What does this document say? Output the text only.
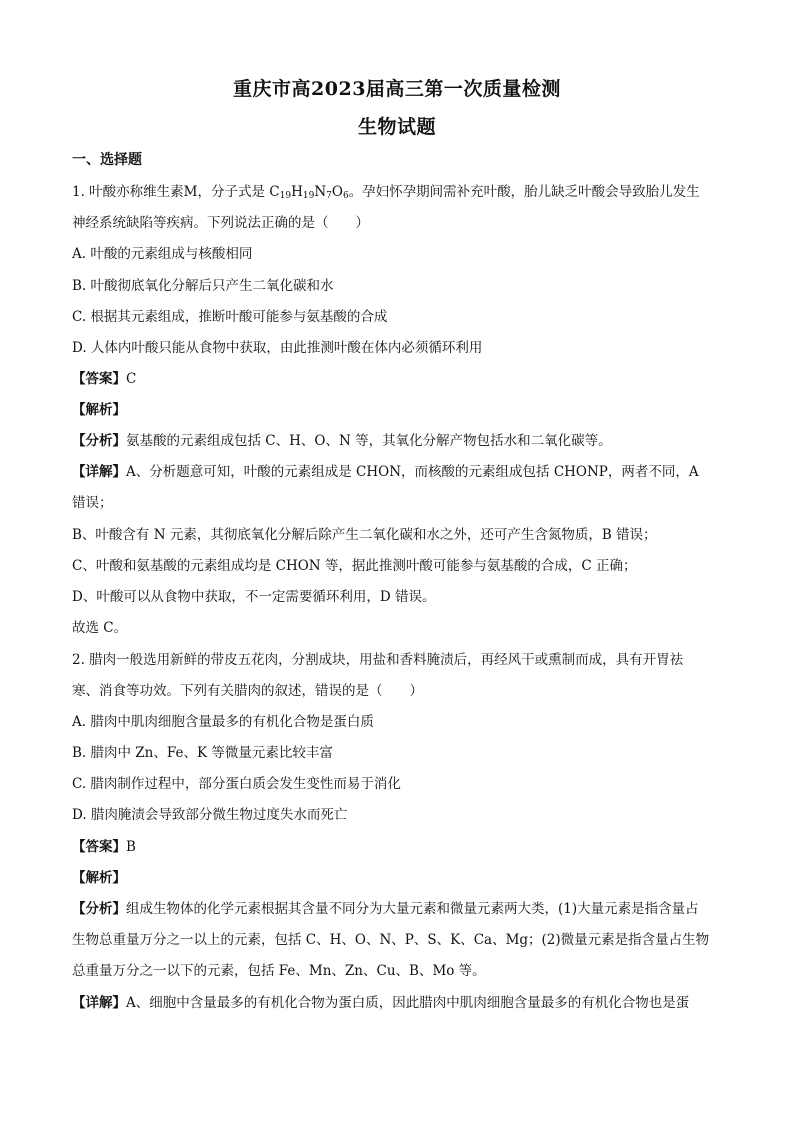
重庆市高2023届高三第一次质量检测
生物试题
一、选择题
1. 叶酸亦称维生素M，分子式是 $C_{19}H_{19}N_7O_6$。孕妇怀孕期间需补充叶酸，胎儿缺乏叶酸会导致胎儿发生
神经系统缺陷等疾病。下列说法正确的是（　　）
A. 叶酸的元素组成与核酸相同
B. 叶酸彻底氧化分解后只产生二氧化碳和水
C. 根据其元素组成，推断叶酸可能参与氨基酸的合成
D. 人体内叶酸只能从食物中获取，由此推测叶酸在体内必须循环利用
【答案】C
【解析】
【分析】氨基酸的元素组成包括 C、H、O、N 等，其氧化分解产物包括水和二氧化碳等。
【详解】A、分析题意可知，叶酸的元素组成是 CHON，而核酸的元素组成包括 CHONP，两者不同，A
错误；
B、叶酸含有 N 元素，其彻底氧化分解后除产生二氧化碳和水之外，还可产生含氮物质，B 错误；
C、叶酸和氨基酸的元素组成均是 CHON 等，据此推测叶酸可能参与氨基酸的合成，C 正确；
D、叶酸可以从食物中获取，不一定需要循环利用，D 错误。
故选 C。
2. 腊肉一般选用新鲜的带皮五花肉，分割成块，用盐和香料腌渍后，再经风干或熏制而成，具有开胃祛
寒、消食等功效。下列有关腊肉的叙述，错误的是（　　）
A. 腊肉中肌肉细胞含量最多的有机化合物是蛋白质
B. 腊肉中 Zn、Fe、K 等微量元素比较丰富
C. 腊肉制作过程中，部分蛋白质会发生变性而易于消化
D. 腊肉腌渍会导致部分微生物过度失水而死亡
【答案】B
【解析】
【分析】组成生物体的化学元素根据其含量不同分为大量元素和微量元素两大类，(1)大量元素是指含量占
生物总重量万分之一以上的元素，包括 C、H、O、N、P、S、K、Ca、Mg；(2)微量元素是指含量占生物
总重量万分之一以下的元素，包括 Fe、Mn、Zn、Cu、B、Mo 等。
【详解】A、细胞中含量最多的有机化合物为蛋白质，因此腊肉中肌肉细胞含量最多的有机化合物也是蛋
